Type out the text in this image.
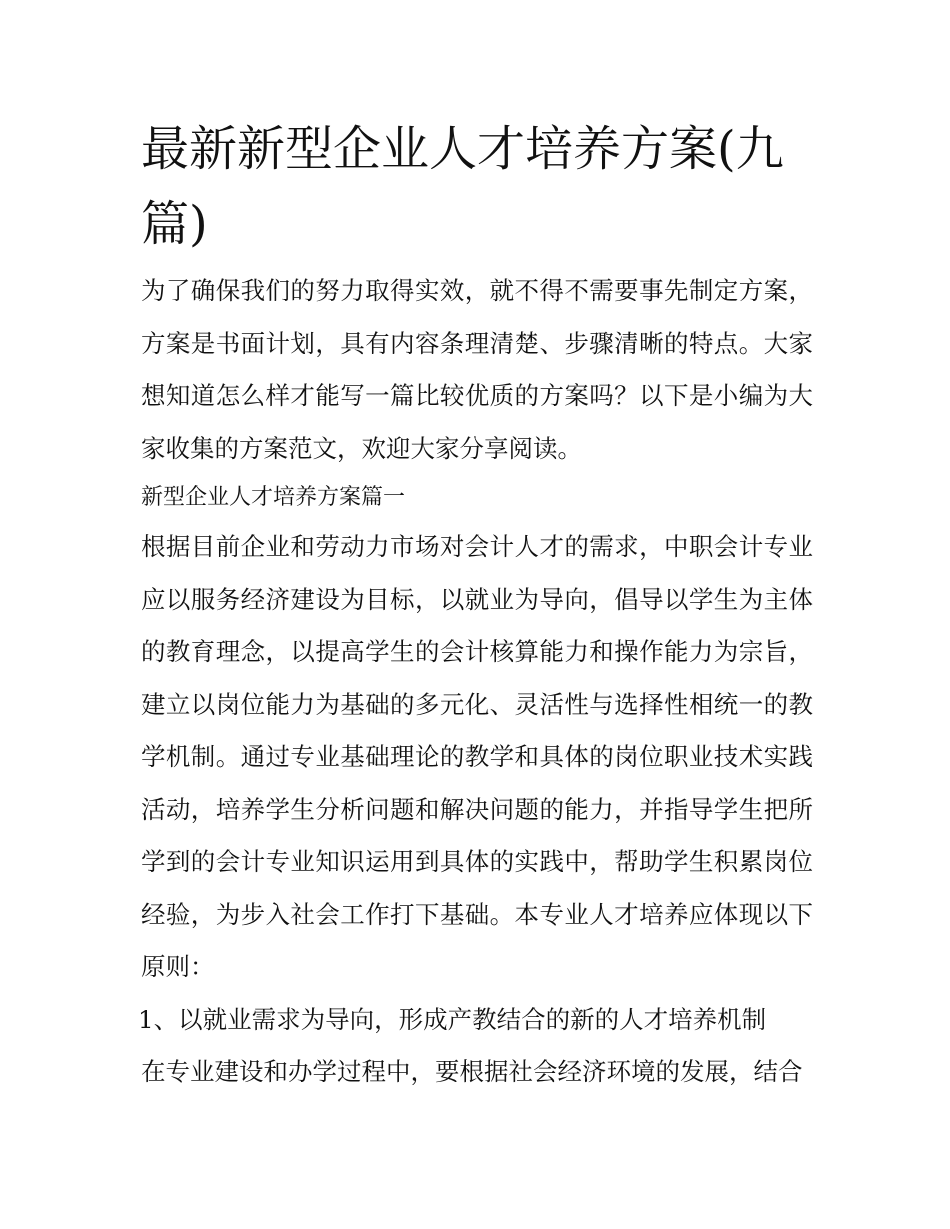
最新新型企业人才培养方案(九篇)

为了确保我们的努力取得实效，就不得不需要事先制定方案，方案是书面计划，具有内容条理清楚、步骤清晰的特点。大家想知道怎么样才能写一篇比较优质的方案吗？以下是小编为大家收集的方案范文，欢迎大家分享阅读。

新型企业人才培养方案篇一

根据目前企业和劳动力市场对会计人才的需求，中职会计专业应以服务经济建设为目标，以就业为导向，倡导以学生为主体的教育理念，以提高学生的会计核算能力和操作能力为宗旨，建立以岗位能力为基础的多元化、灵活性与选择性相统一的教学机制。通过专业基础理论的教学和具体的岗位职业技术实践活动，培养学生分析问题和解决问题的能力，并指导学生把所学到的会计专业知识运用到具体的实践中，帮助学生积累岗位经验，为步入社会工作打下基础。本专业人才培养应体现以下原则：

1、以就业需求为导向，形成产教结合的新的人才培养机制

在专业建设和办学过程中，要根据社会经济环境的发展，结合
